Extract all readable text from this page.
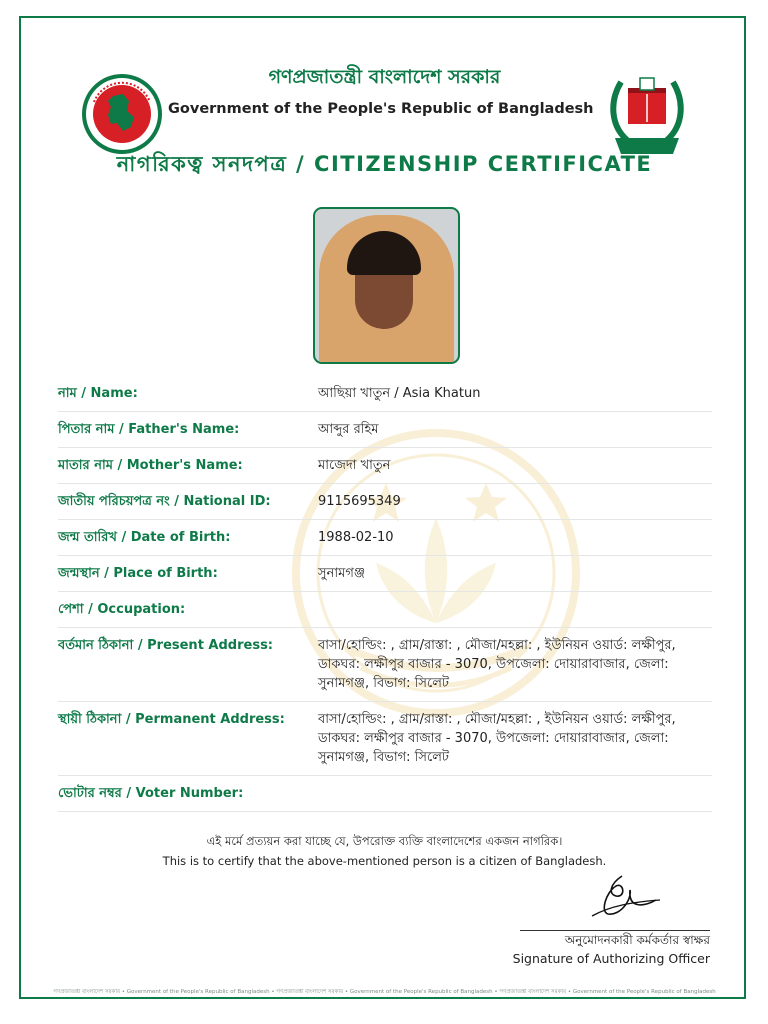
গণপ্রজাতন্ত্রী বাংলাদেশ সরকার
Government of the People's Republic of Bangladesh
নাগরিকত্ব সনদপত্র / CITIZENSHIP CERTIFICATE
নাম / Name:	আছিয়া খাতুন / Asia Khatun
পিতার নাম / Father's Name:	আব্দুর রহিম
মাতার নাম / Mother's Name:	মাজেদা খাতুন
জাতীয় পরিচয়পত্র নং / National ID:	9115695349
জন্ম তারিখ / Date of Birth:	1988-02-10
জন্মস্থান / Place of Birth:	সুনামগঞ্জ
পেশা / Occupation:
বর্তমান ঠিকানা / Present Address:	বাসা/হোল্ডিং: , গ্রাম/রাস্তা: , মৌজা/মহল্লা: , ইউনিয়ন ওয়ার্ড: লক্ষীপুর, ডাকঘর: লক্ষীপুর বাজার - 3070, উপজেলা: দোয়ারাবাজার, জেলা: সুনামগঞ্জ, বিভাগ: সিলেট
স্থায়ী ঠিকানা / Permanent Address:	বাসা/হোল্ডিং: , গ্রাম/রাস্তা: , মৌজা/মহল্লা: , ইউনিয়ন ওয়ার্ড: লক্ষীপুর, ডাকঘর: লক্ষীপুর বাজার - 3070, উপজেলা: দোয়ারাবাজার, জেলা: সুনামগঞ্জ, বিভাগ: সিলেট
ভোটার নম্বর / Voter Number:
এই মর্মে প্রত্যয়ন করা যাচ্ছে যে, উপরোক্ত ব্যক্তি বাংলাদেশের একজন নাগরিক।
This is to certify that the above-mentioned person is a citizen of Bangladesh.
অনুমোদনকারী কর্মকর্তার স্বাক্ষর
Signature of Authorizing Officer
গণপ্রজাতন্ত্রী বাংলাদেশ সরকার • Government of the People's Republic of Bangladesh • গণপ্রজাতন্ত্রী বাংলাদেশ সরকার • Government of the People's Republic of Bangladesh • গণপ্রজাতন্ত্রী বাংলাদেশ সরকার • Government of the People's Republic of Bangladesh
